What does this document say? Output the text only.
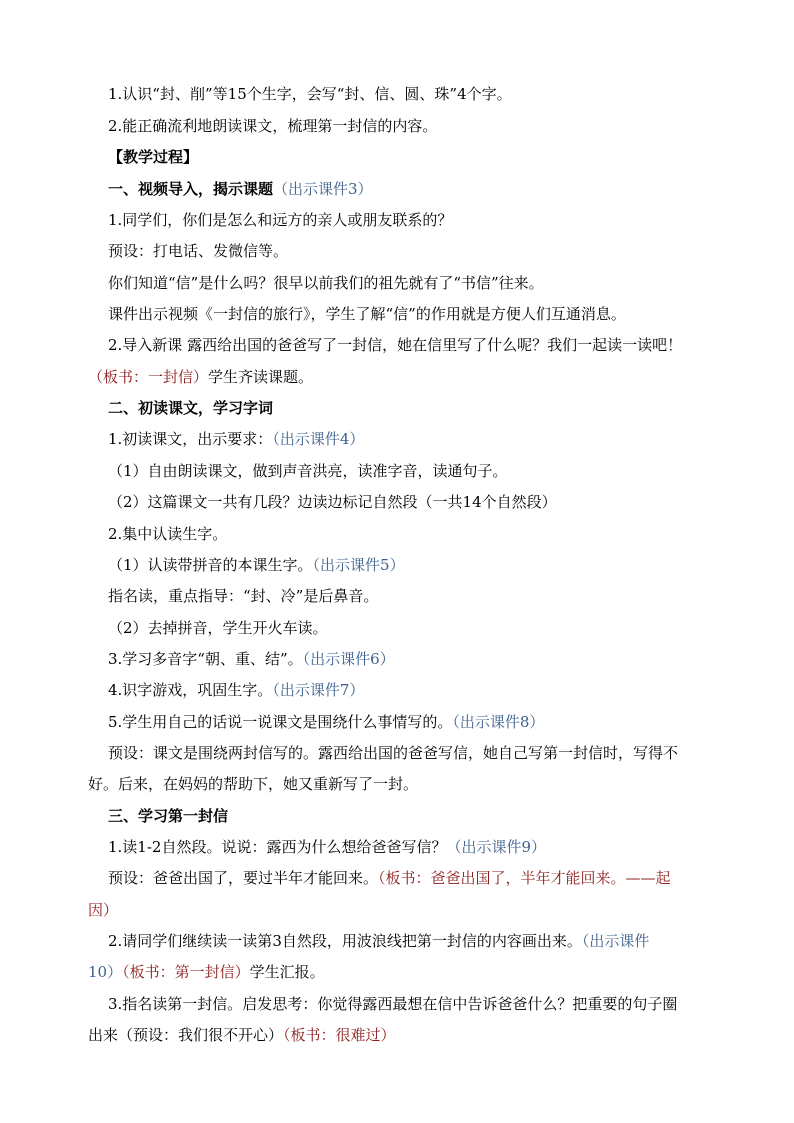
1.认识“封、削”等15个生字，会写“封、信、圆、珠”4个字。
2.能正确流利地朗读课文，梳理第一封信的内容。
【教学过程】
一、视频导入，揭示课题（出示课件3）
1.同学们，你们是怎么和远方的亲人或朋友联系的？
预设：打电话、发微信等。
你们知道“信”是什么吗？很早以前我们的祖先就有了“书信”往来。
课件出示视频《一封信的旅行》，学生了解“信”的作用就是方便人们互通消息。
2.导入新课 露西给出国的爸爸写了一封信，她在信里写了什么呢？我们一起读一读吧！
（板书：一封信）学生齐读课题。
二、初读课文，学习字词
1.初读课文，出示要求：（出示课件4）
（1）自由朗读课文，做到声音洪亮，读准字音，读通句子。
（2）这篇课文一共有几段？边读边标记自然段（一共14个自然段）
2.集中认读生字。
（1）认读带拼音的本课生字。（出示课件5）
指名读，重点指导：“封、冷”是后鼻音。
（2）去掉拼音，学生开火车读。
3.学习多音字“朝、重、结”。（出示课件6）
4.识字游戏，巩固生字。（出示课件7）
5.学生用自己的话说一说课文是围绕什么事情写的。（出示课件8）
预设：课文是围绕两封信写的。露西给出国的爸爸写信，她自己写第一封信时，写得不
好。后来，在妈妈的帮助下，她又重新写了一封。
三、学习第一封信
1.读1-2自然段。说说：露西为什么想给爸爸写信？（出示课件9）
预设：爸爸出国了，要过半年才能回来。（板书：爸爸出国了，半年才能回来。——起
因）
2.请同学们继续读一读第3自然段，用波浪线把第一封信的内容画出来。（出示课件
10）（板书：第一封信）学生汇报。
3.指名读第一封信。启发思考：你觉得露西最想在信中告诉爸爸什么？把重要的句子圈
出来（预设：我们很不开心）（板书：很难过）
